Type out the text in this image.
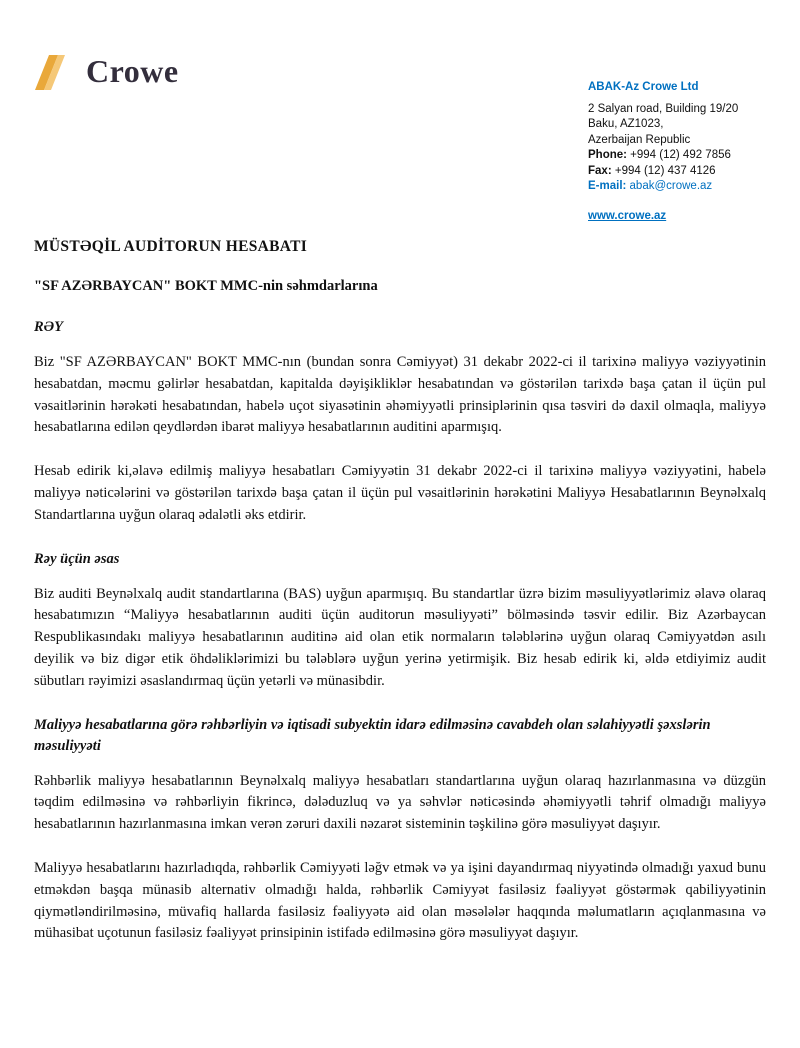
Crowe	ABAK-Az Crowe Ltd
2 Salyan road, Building 19/20
Baku, AZ1023,
Azerbaijan Republic
Phone: +994 (12) 492 7856
Fax: +994 (12) 437 4126
E-mail: abak@crowe.az
www.crowe.az
MÜSTƏQİL AUDİTORUN HESABATI
"SF AZƏRBAYCAN" BOKT MMC-nin səhmdarlarına
RƏY

Biz "SF AZƏRBAYCAN" BOKT MMC-nın (bundan sonra Cəmiyyət) 31 dekabr 2022-ci il tarixinə maliyyə vəziyyətinin hesabatdan, məcmu gəlirlər hesabatdan, kapitalda dəyişikliklər hesabatından və göstərilən tarixdə başa çatan il üçün pul vəsaitlərinin hərəkəti hesabatından, habelə uçot siyasətinin əhəmiyyətli prinsiplərinin qısa təsviri də daxil olmaqla, maliyyə hesabatlarına edilən qeydlərdən ibarət maliyyə hesabatlarının auditini aparmışıq.

Hesab edirik ki,əlavə edilmiş maliyyə hesabatları Cəmiyyətin 31 dekabr 2022-ci il tarixinə maliyyə vəziyyətini, habelə maliyyə nəticələrini və göstərilən tarixdə başa çatan il üçün pul vəsaitlərinin hərəkətini Maliyyə Hesabatlarının Beynəlxalq Standartlarına uyğun olaraq ədalətli əks etdirir.

Rəy üçün əsas

Biz auditi Beynəlxalq audit standartlarına (BAS) uyğun aparmışıq. Bu standartlar üzrə bizim məsuliyyətlərimiz əlavə olaraq hesabatımızın “Maliyyə hesabatlarının auditi üçün auditorun məsuliyyəti” bölməsində təsvir edilir. Biz Azərbaycan Respublikasındakı maliyyə hesabatlarının auditinə aid olan etik normaların tələblərinə uyğun olaraq Cəmiyyətdən asılı deyilik və biz digər etik öhdəliklərimizi bu tələblərə uyğun yerinə yetirmişik. Biz hesab edirik ki, əldə etdiyimiz audit sübutları rəyimizi əsaslandırmaq üçün yetərli və münasibdir.

Maliyyə hesabatlarına görə rəhbərliyin və iqtisadi subyektin idarə edilməsinə cavabdeh olan səlahiyyətli şəxslərin məsuliyyəti

Rəhbərlik maliyyə hesabatlarının Beynəlxalq maliyyə hesabatları standartlarına uyğun olaraq hazırlanmasına və düzgün təqdim edilməsinə və rəhbərliyin fikrincə, dələduzluq və ya səhvlər nəticəsində əhəmiyyətli təhrif olmadığı maliyyə hesabatlarının hazırlanmasına imkan verən zəruri daxili nəzarət sisteminin təşkilinə görə məsuliyyət daşıyır.

Maliyyə hesabatlarını hazırladıqda, rəhbərlik Cəmiyyəti ləğv etmək və ya işini dayandırmaq niyyətində olmadığı yaxud bunu etməkdən başqa münasib alternativ olmadığı halda, rəhbərlik Cəmiyyət fasiləsiz fəaliyyət göstərmək qabiliyyətinin qiymətləndirilməsinə, müvafiq hallarda fasiləsiz fəaliyyətə aid olan məsələlər haqqında məlumatların açıqlanmasına və mühasibat uçotunun fasiləsiz fəaliyyət prinsipinin istifadə edilməsinə görə məsuliyyət daşıyır.
